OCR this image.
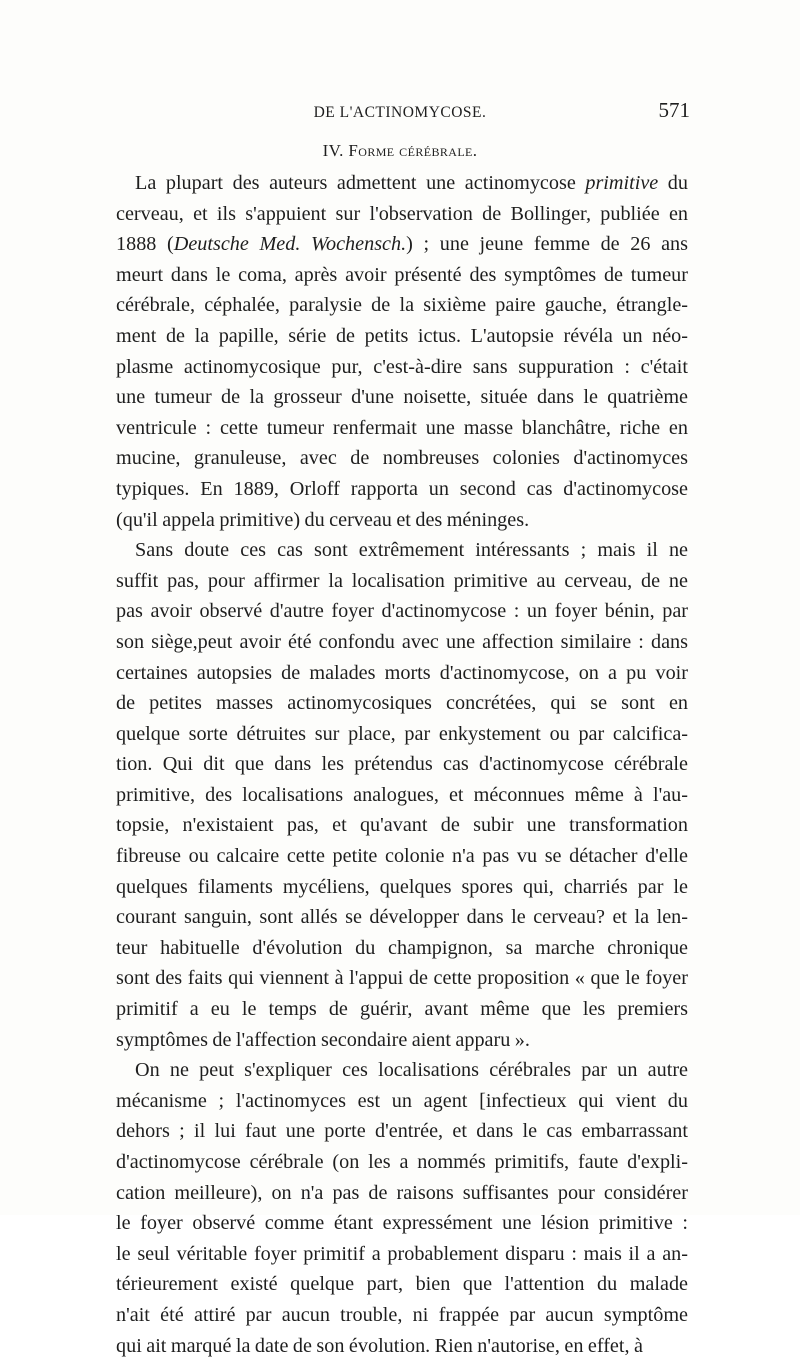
DE L'ACTINOMYCOSE.	571
IV. Forme cérébrale.
La plupart des auteurs admettent une actinomycose primitive du
cerveau, et ils s'appuient sur l'observation de Bollinger, publiée en
1888 (Deutsche Med. Wochensch.) ; une jeune femme de 26 ans
meurt dans le coma, après avoir présenté des symptômes de tumeur
cérébrale, céphalée, paralysie de la sixième paire gauche, étrangle-
ment de la papille, série de petits ictus. L'autopsie révéla un néo-
plasme actinomycosique pur, c'est-à-dire sans suppuration : c'était
une tumeur de la grosseur d'une noisette, située dans le quatrième
ventricule : cette tumeur renfermait une masse blanchâtre, riche en
mucine, granuleuse, avec de nombreuses colonies d'actinomyces
typiques. En 1889, Orloff rapporta un second cas d'actinomycose
(qu'il appela primitive) du cerveau et des méninges.
Sans doute ces cas sont extrêmement intéressants ; mais il ne
suffit pas, pour affirmer la localisation primitive au cerveau, de ne
pas avoir observé d'autre foyer d'actinomycose : un foyer bénin, par
son siège,peut avoir été confondu avec une affection similaire : dans
certaines autopsies de malades morts d'actinomycose, on a pu voir
de petites masses actinomycosiques concrétées, qui se sont en
quelque sorte détruites sur place, par enkystement ou par calcifica-
tion. Qui dit que dans les prétendus cas d'actinomycose cérébrale
primitive, des localisations analogues, et méconnues même à l'au-
topsie, n'existaient pas, et qu'avant de subir une transformation
fibreuse ou calcaire cette petite colonie n'a pas vu se détacher d'elle
quelques filaments mycéliens, quelques spores qui, charriés par le
courant sanguin, sont allés se développer dans le cerveau? et la len-
teur habituelle d'évolution du champignon, sa marche chronique
sont des faits qui viennent à l'appui de cette proposition « que le foyer
primitif a eu le temps de guérir, avant même que les premiers
symptômes de l'affection secondaire aient apparu ».
On ne peut s'expliquer ces localisations cérébrales par un autre
mécanisme ; l'actinomyces est un agent [infectieux qui vient du
dehors ; il lui faut une porte d'entrée, et dans le cas embarrassant
d'actinomycose cérébrale (on les a nommés primitifs, faute d'expli-
cation meilleure), on n'a pas de raisons suffisantes pour considérer
le foyer observé comme étant expressément une lésion primitive :
le seul véritable foyer primitif a probablement disparu : mais il a an-
térieurement existé quelque part, bien que l'attention du malade
n'ait été attiré par aucun trouble, ni frappée par aucun symptôme
qui ait marqué la date de son évolution. Rien n'autorise, en effet, à
